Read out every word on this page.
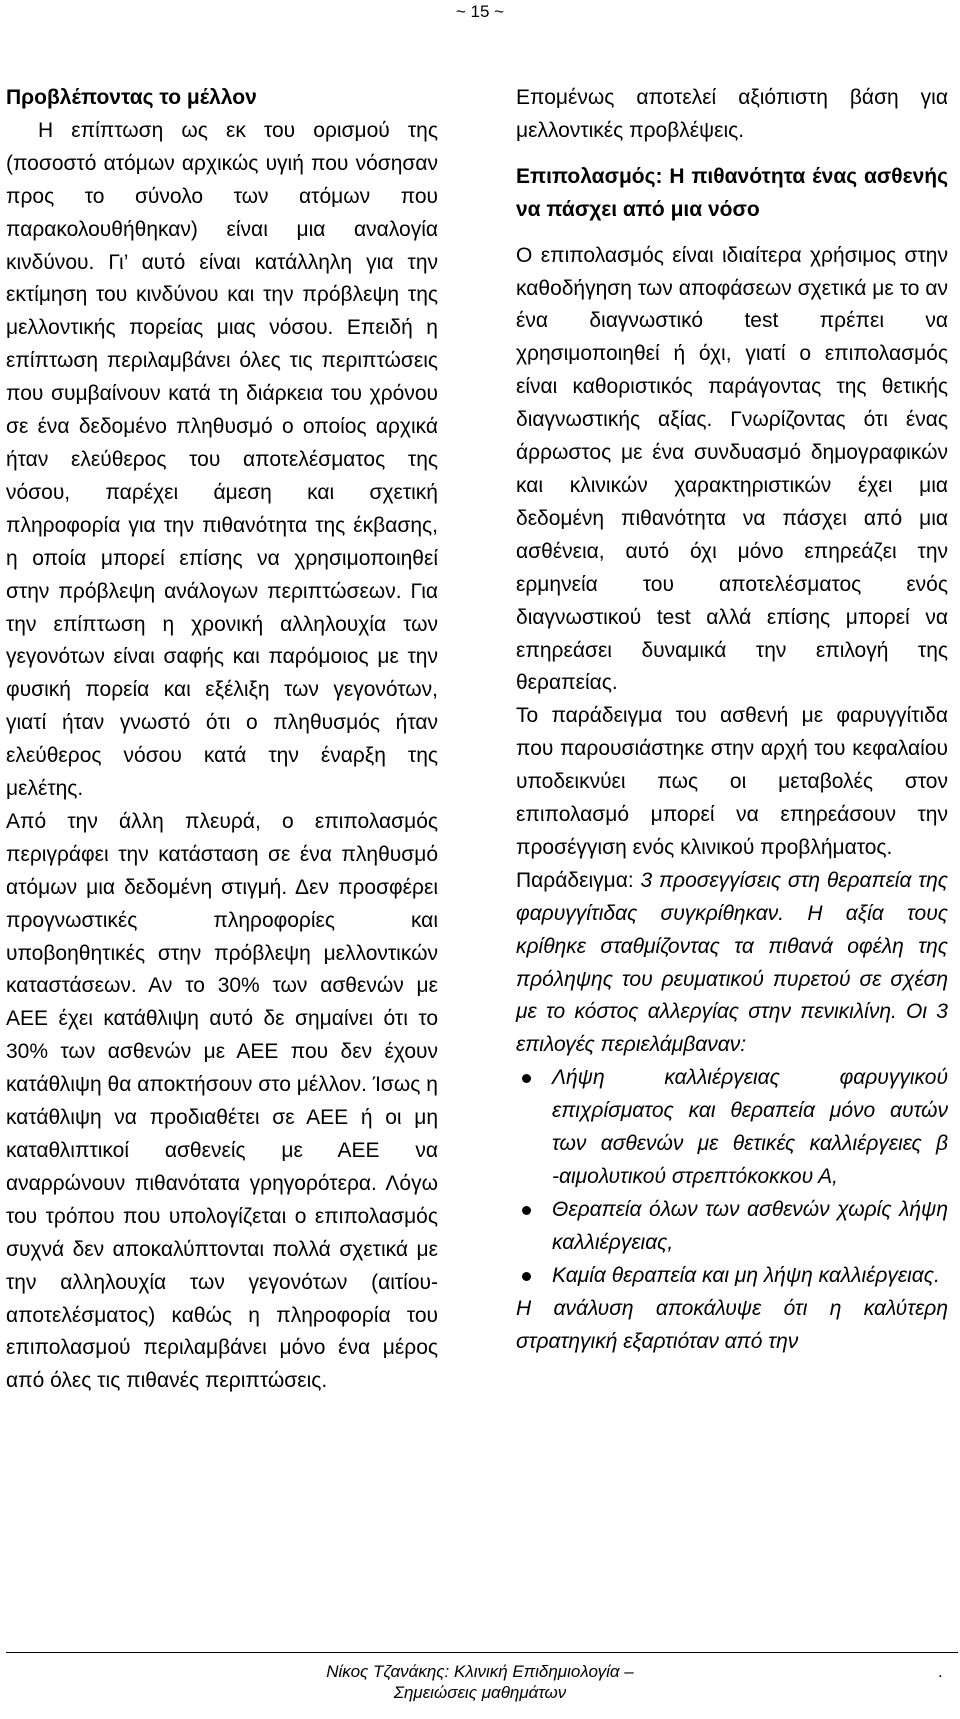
~ 15 ~

Προβλέποντας το μέλλον

Η επίπτωση ως εκ του ορισμού της (ποσοστό ατόμων αρχικώς υγιή που νόσησαν προς το σύνολο των ατόμων που παρακολουθήθηκαν) είναι μια αναλογία κινδύνου. Γι’ αυτό είναι κατάλληλη για την εκτίμηση του κινδύνου και την πρόβλεψη της μελλοντικής πορείας μιας νόσου. Επειδή η επίπτωση περιλαμβάνει όλες τις περιπτώσεις που συμβαίνουν κατά τη διάρκεια του χρόνου σε ένα δεδομένο πληθυσμό ο οποίος αρχικά ήταν ελεύθερος του αποτελέσματος της νόσου, παρέχει άμεση και σχετική πληροφορία για την πιθανότητα της έκβασης, η οποία μπορεί επίσης να χρησιμοποιηθεί στην πρόβλεψη ανάλογων περιπτώσεων. Για την επίπτωση η χρονική αλληλουχία των γεγονότων είναι σαφής και παρόμοιος με την φυσική πορεία και εξέλιξη των γεγονότων, γιατί ήταν γνωστό ότι ο πληθυσμός ήταν ελεύθερος νόσου κατά την έναρξη της μελέτης.

Από την άλλη πλευρά, ο επιπολασμός περιγράφει την κατάσταση σε ένα πληθυσμό ατόμων μια δεδομένη στιγμή. Δεν προσφέρει προγνωστικές πληροφορίες και υποβοηθητικές στην πρόβλεψη μελλοντικών καταστάσεων. Αν το 30% των ασθενών με ΑΕΕ έχει κατάθλιψη αυτό δε σημαίνει ότι το 30% των ασθενών με ΑΕΕ που δεν έχουν κατάθλιψη θα αποκτήσουν στο μέλλον. Ίσως η κατάθλιψη να προδιαθέτει σε ΑΕΕ ή οι μη καταθλιπτικοί ασθενείς με ΑΕΕ να αναρρώνουν πιθανότατα γρηγορότερα. Λόγω του τρόπου που υπολογίζεται ο επιπολασμός συχνά δεν αποκαλύπτονται πολλά σχετικά με την αλληλουχία των γεγονότων (αιτίου-αποτελέσματος) καθώς η πληροφορία του επιπολασμού περιλαμβάνει μόνο ένα μέρος από όλες τις πιθανές περιπτώσεις.

Επομένως αποτελεί αξιόπιστη βάση για μελλοντικές προβλέψεις.

Επιπολασμός: Η πιθανότητα ένας ασθενής να πάσχει από μια νόσο

Ο επιπολασμός είναι ιδιαίτερα χρήσιμος στην καθοδήγηση των αποφάσεων σχετικά με το αν ένα διαγνωστικό test πρέπει να χρησιμοποιηθεί ή όχι, γιατί ο επιπολασμός είναι καθοριστικός παράγοντας της θετικής διαγνωστικής αξίας. Γνωρίζοντας ότι ένας άρρωστος με ένα συνδυασμό δημογραφικών και κλινικών χαρακτηριστικών έχει μια δεδομένη πιθανότητα να πάσχει από μια ασθένεια, αυτό όχι μόνο επηρεάζει την ερμηνεία του αποτελέσματος ενός διαγνωστικού test αλλά επίσης μπορεί να επηρεάσει δυναμικά την επιλογή της θεραπείας.

Το παράδειγμα του ασθενή με φαρυγγίτιδα που παρουσιάστηκε στην αρχή του κεφαλαίου υποδεικνύει πως οι μεταβολές στον επιπολασμό μπορεί να επηρεάσουν την προσέγγιση ενός κλινικού προβλήματος.

Παράδειγμα: 3 προσεγγίσεις στη θεραπεία της φαρυγγίτιδας συγκρίθηκαν. Η αξία τους κρίθηκε σταθμίζοντας τα πιθανά οφέλη της πρόληψης του ρευματικού πυρετού σε σχέση με το κόστος αλλεργίας στην πενικιλίνη. Οι 3 επιλογές περιελάμβαναν:

Λήψη καλλιέργειας φαρυγγικού επιχρίσματος και θεραπεία μόνο αυτών των ασθενών με θετικές καλλιέργειες β -αιμολυτικού στρεπτόκοκκου Α,
Θεραπεία όλων των ασθενών χωρίς λήψη καλλιέργειας,
Καμία θεραπεία και μη λήψη καλλιέργειας.

Η ανάλυση αποκάλυψε ότι η καλύτερη στρατηγική εξαρτιόταν από την

Νίκος Τζανάκης: Κλινική Επιδημιολογία –
Σημειώσεις μαθημάτων
.
